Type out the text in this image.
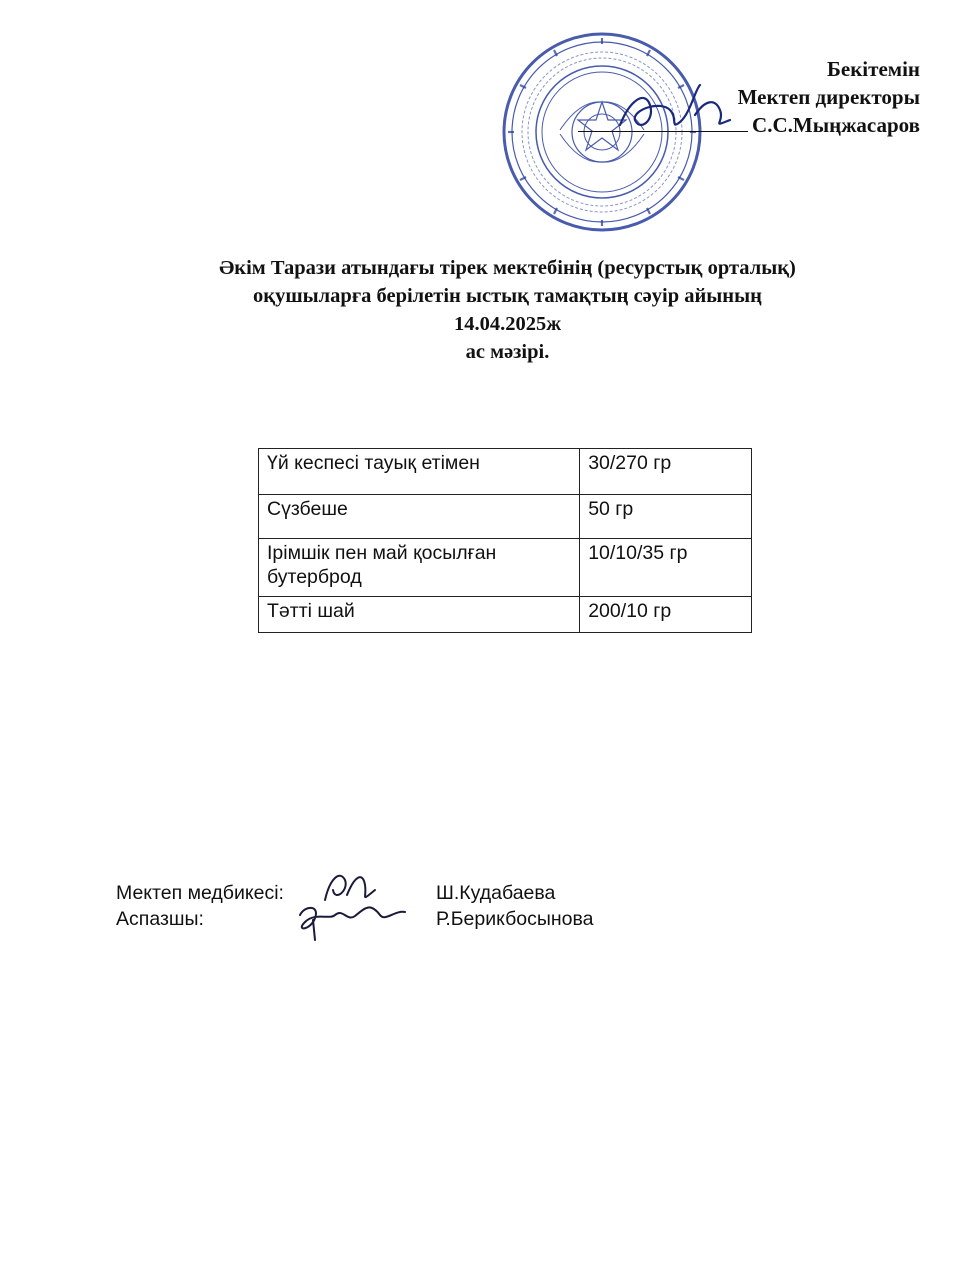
Бекітемін
Мектеп директоры
С.С.Мыңжасаров
Әкім Тарази атындағы тірек мектебінің (ресурстық орталық)
оқушыларға берілетін ыстық тамақтың сәуір айының
14.04.2025ж
ас мәзірі.
Үй кеспесі тауық етімен	30/270 гр
Сүзбеше	50 гр
Ірімшік пен май қосылған бутерброд	10/10/35 гр
Тәтті шай	200/10 гр
Мектеп медбикесі:	Ш.Кудабаева
Аспазшы:	Р.Берикбосынова
